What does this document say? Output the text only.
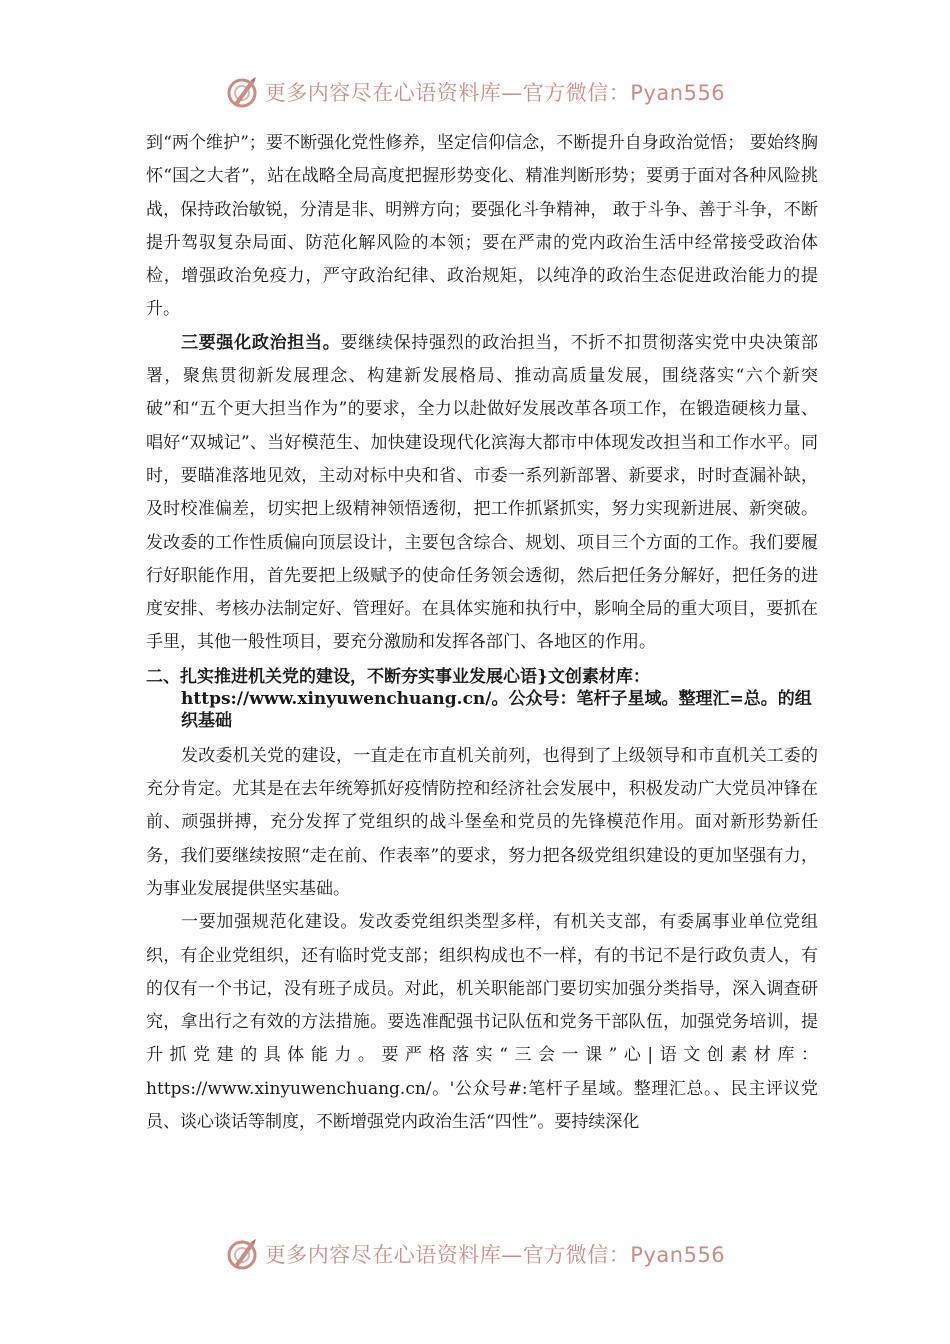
更多内容尽在心语资料库—官方微信：Pyan556

到“两个维护”；要不断强化党性修养，坚定信仰信念，不断提升自身政治觉悟； 要始终胸怀“国之大者”，站在战略全局高度把握形势变化、精准判断形势；要勇于面对各种风险挑战，保持政治敏锐，分清是非、明辨方向；要强化斗争精神， 敢于斗争、善于斗争，不断提升驾驭复杂局面、防范化解风险的本领；要在严肃的党内政治生活中经常接受政治体检，增强政治免疫力，严守政治纪律、政治规矩，以纯净的政治生态促进政治能力的提升。

三要强化政治担当。要继续保持强烈的政治担当，不折不扣贯彻落实党中央决策部署，聚焦贯彻新发展理念、构建新发展格局、推动高质量发展，围绕落实“六个新突破”和“五个更大担当作为”的要求，全力以赴做好发展改革各项工作，在锻造硬核力量、唱好“双城记”、当好模范生、加快建设现代化滨海大都市中体现发改担当和工作水平。同时，要瞄准落地见效，主动对标中央和省、市委一系列新部署、新要求，时时查漏补缺，及时校准偏差，切实把上级精神领悟透彻，把工作抓紧抓实，努力实现新进展、新突破。发改委的工作性质偏向顶层设计，主要包含综合、规划、项目三个方面的工作。我们要履行好职能作用，首先要把上级赋予的使命任务领会透彻，然后把任务分解好，把任务的进度安排、考核办法制定好、管理好。在具体实施和执行中，影响全局的重大项目，要抓在手里，其他一般性项目，要充分激励和发挥各部门、各地区的作用。

二、扎实推进机关党的建设，不断夯实事业发展心语}文创素材库：
https://www.xinyuwenchuang.cn/。公众号：笔杆子星域。整理汇=总。的组织基础

发改委机关党的建设，一直走在市直机关前列，也得到了上级领导和市直机关工委的充分肯定。尤其是在去年统筹抓好疫情防控和经济社会发展中，积极发动广大党员冲锋在前、顽强拼搏，充分发挥了党组织的战斗堡垒和党员的先锋模范作用。面对新形势新任务，我们要继续按照“走在前、作表率”的要求，努力把各级党组织建设的更加坚强有力，为事业发展提供坚实基础。

一要加强规范化建设。发改委党组织类型多样，有机关支部，有委属事业单位党组织，有企业党组织，还有临时党支部；组织构成也不一样，有的书记不是行政负责人，有的仅有一个书记，没有班子成员。对此，机关职能部门要切实加强分类指导，深入调查研究，拿出行之有效的方法措施。要选准配强书记队伍和党务干部队伍，加强党务培训，提升抓党建的具体能力。要严格落实“三会一课”心|语文创素材库：https://www.xinyuwenchuang.cn/。'公众号#:笔杆子星域。整理汇总。、民主评议党员、谈心谈话等制度，不断增强党内政治生活“四性”。要持续深化

更多内容尽在心语资料库—官方微信：Pyan556
